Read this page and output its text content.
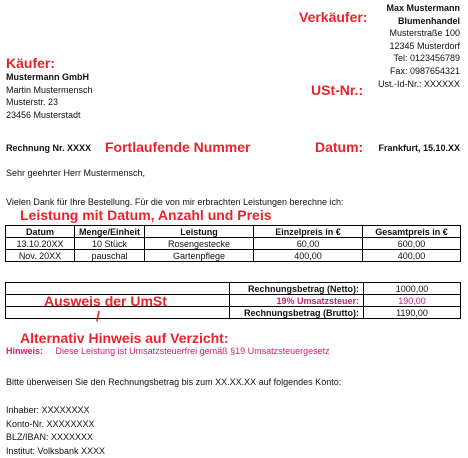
Verkäufer:
Käufer:
USt-Nr.:
Fortlaufende Nummer	Datum:
Leistung mit Datum, Anzahl und Preis
Ausweis der UmSt
/
Alternativ Hinweis auf Verzicht:
Max Mustermann
Blumenhandel
Musterstraße 100
12345 Musterdorf
Tel: 0123456789
Fax: 0987654321
Ust.-Id-Nr.: XXXXXX
Mustermann GmbH
Martin Mustermensch
Musterstr. 23
23456 Musterstadt
Rechnung Nr. XXXX	Frankfurt, 15.10.XX
Sehr geehrter Herr Mustermensch,
Vielen Dank für Ihre Bestellung. Für die von mir erbrachten Leistungen berechne ich:
Datum	Menge/Einheit	Leistung	Einzelpreis in €	Gesamtpreis in €
13.10.20XX	10 Stück	Rosengestecke	60,00	600,00
Nov. 20XX	pauschal	Gartenpflege	400,00	400,00
	Rechnungsbetrag (Netto):	1000,00
	19% Umsatzsteuer:	190,00
	Rechnungsbetrag (Brutto):	1190,00
Hinweis: Diese Leistung ist Umsatzsteuerfrei gemäß §19 Umsatzsteuergesetz
Bitte überweisen Sie den Rechnungsbetrag bis zum XX.XX.XX auf folgendes Konto:
Inhaber: XXXXXXXX
Konto-Nr. XXXXXXXX
BLZ/IBAN: XXXXXXX
Institut: Volksbank XXXX
